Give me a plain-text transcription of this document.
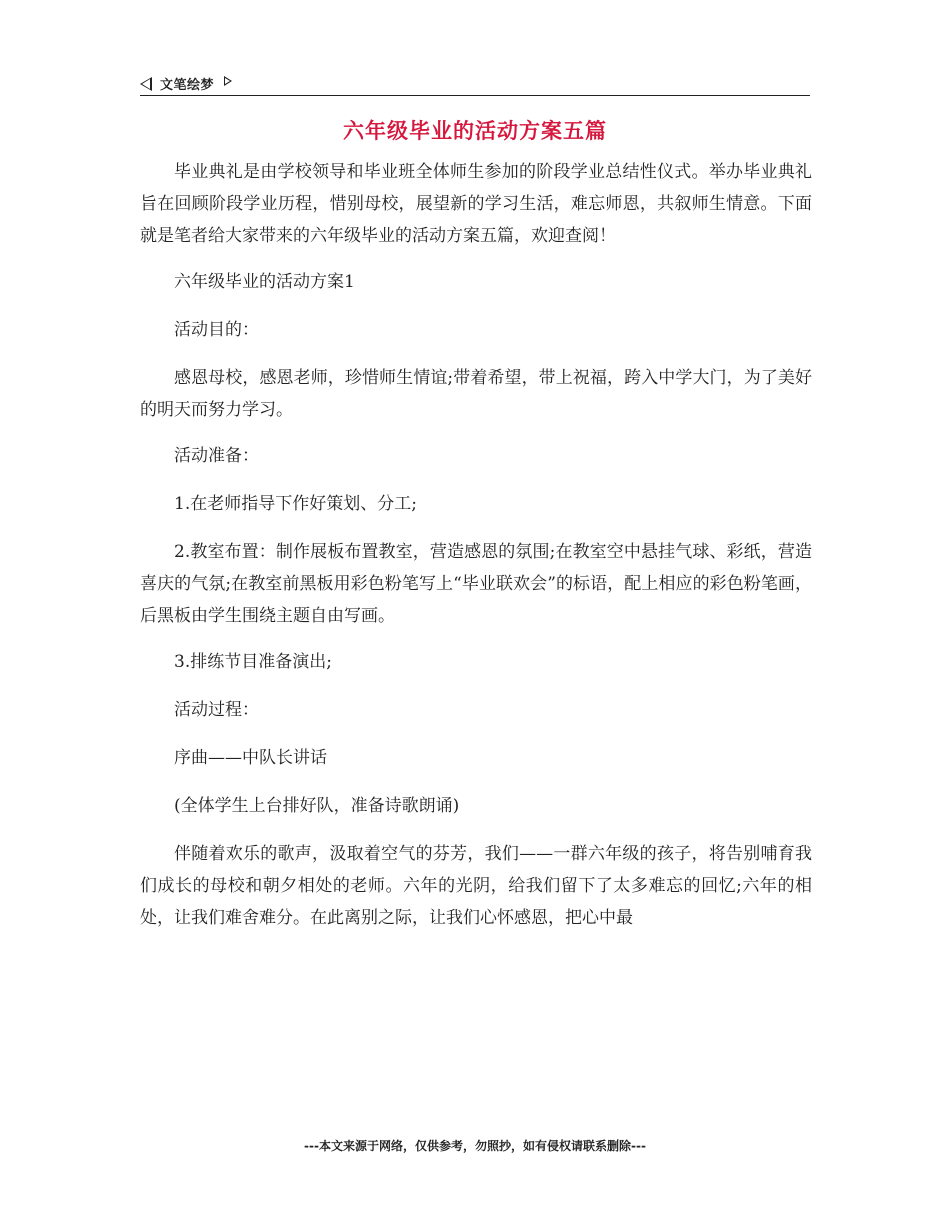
文笔绘梦
六年级毕业的活动方案五篇

毕业典礼是由学校领导和毕业班全体师生参加的阶段学业总结性仪式。举办毕业典礼旨在回顾阶段学业历程，惜别母校，展望新的学习生活，难忘师恩，共叙师生情意。下面就是笔者给大家带来的六年级毕业的活动方案五篇，欢迎查阅！

六年级毕业的活动方案1

活动目的：

感恩母校，感恩老师，珍惜师生情谊;带着希望，带上祝福，跨入中学大门，为了美好的明天而努力学习。

活动准备：

1.在老师指导下作好策划、分工;

2.教室布置：制作展板布置教室，营造感恩的氛围;在教室空中悬挂气球、彩纸，营造喜庆的气氛;在教室前黑板用彩色粉笔写上“毕业联欢会”的标语，配上相应的彩色粉笔画，后黑板由学生围绕主题自由写画。

3.排练节目准备演出;

活动过程：

序曲——中队长讲话

(全体学生上台排好队，准备诗歌朗诵)

伴随着欢乐的歌声，汲取着空气的芬芳，我们——一群六年级的孩子，将告别哺育我们成长的母校和朝夕相处的老师。六年的光阴，给我们留下了太多难忘的回忆;六年的相处，让我们难舍难分。在此离别之际，让我们心怀感恩，把心中最

---本文来源于网络，仅供参考，勿照抄，如有侵权请联系删除---
